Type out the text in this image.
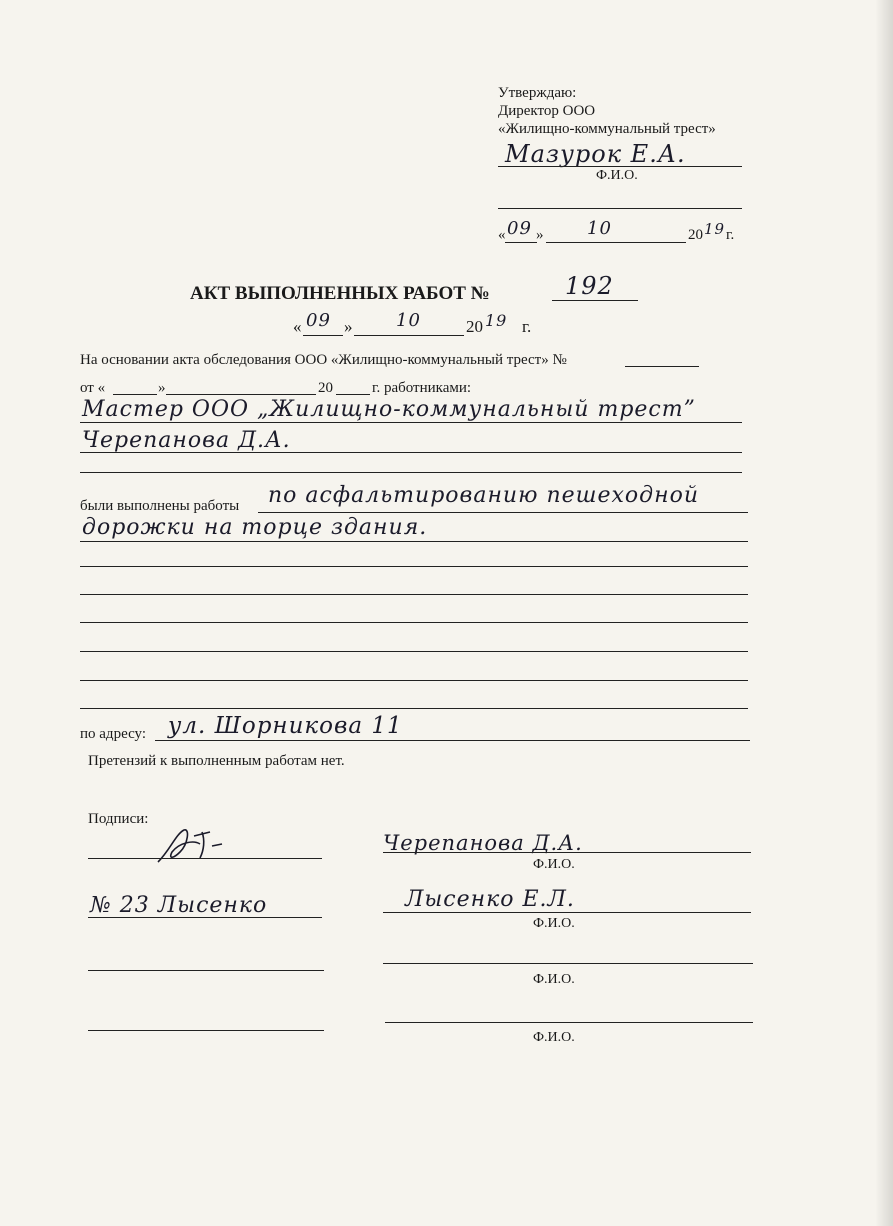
Утверждаю:
Директор ООО
«Жилищно-коммунальный трест»
Мазурок Е.А.
Ф.И.О.
« 09 » 10	20 19 г.
АКТ ВЫПОЛНЕННЫХ РАБОТ №	192
« 09 » 10	20 19 г.
На основании акта обследования ООО «Жилищно-коммунальный трест» №
от «	»	20	г. работниками:
Мастер ООО „Жилищно-коммунальный трест”
Черепанова Д.А.
были выполнены работы по асфальтированию пешеходной
дорожки на торце здания.
по адресу: ул. Шорникова 11
Претензий к выполненным работам нет.
Подписи:
Черепанова Д.А.
Ф.И.О.
№ 23 Лысенко	Лысенко Е.Л.
Ф.И.О.
Ф.И.О.
Ф.И.О.
